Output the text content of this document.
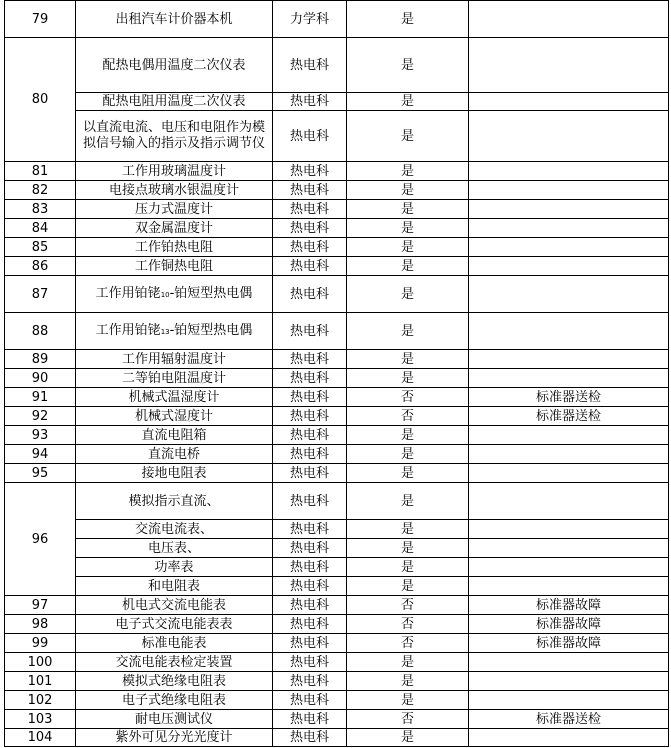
79	出租汽车计价器本机	力学科	是	
80	配热电偶用温度二次仪表	热电科	是	
	配热电阻用温度二次仪表	热电科	是	
	以直流电流、电压和电阻作为模拟信号输入的指示及指示调节仪	热电科	是	
81	工作用玻璃温度计	热电科	是	
82	电接点玻璃水银温度计	热电科	是	
83	压力式温度计	热电科	是	
84	双金属温度计	热电科	是	
85	工作铂热电阻	热电科	是	
86	工作铜热电阻	热电科	是	
87	工作用铂铑10-铂短型热电偶	热电科	是	
88	工作用铂铑13-铂短型热电偶	热电科	是	
89	工作用辐射温度计	热电科	是	
90	二等铂电阻温度计	热电科	是	
91	机械式温湿度计	热电科	否	标准器送检
92	机械式湿度计	热电科	否	标准器送检
93	直流电阻箱	热电科	是	
94	直流电桥	热电科	是	
95	接地电阻表	热电科	是	
96	模拟指示直流、	热电科	是	
	交流电流表、	热电科	是	
	电压表、	热电科	是	
	功率表	热电科	是	
	和电阻表	热电科	是	
97	机电式交流电能表	热电科	否	标准器故障
98	电子式交流电能表表	热电科	否	标准器故障
99	标准电能表	热电科	否	标准器故障
100	交流电能表检定装置	热电科	是	
101	模拟式绝缘电阻表	热电科	是	
102	电子式绝缘电阻表	热电科	是	
103	耐电压测试仪	热电科	否	标准器送检
104	紫外可见分光光度计	热电科	是	
